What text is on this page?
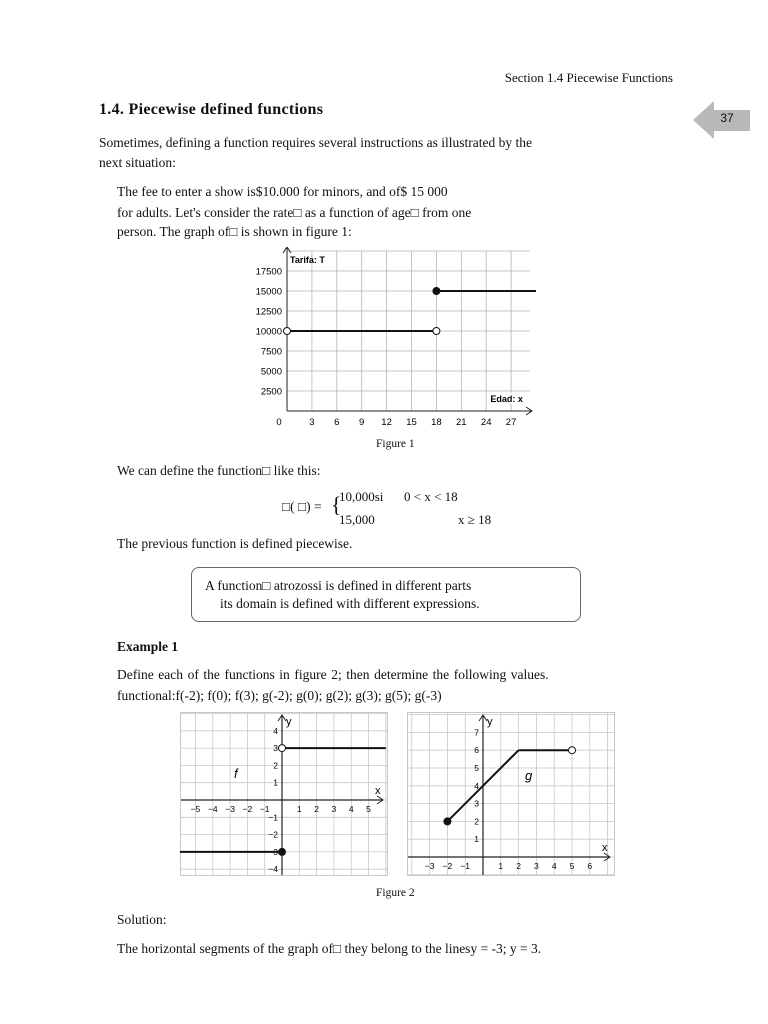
Section 1.4 Piecewise Functions
37
1.4. Piecewise defined functions
Sometimes, defining a function requires several instructions as illustrated by the
next situation:
The fee to enter a show is$10.000 for minors, and of$ 15 000
for adults. Let's consider the rate□ as a function of age□ from one
person. The graph of□ is shown in figure 1:
0	3 6 9 12 15 18 21 24 27
2500
5000
7500
10000
12500
15000
17500
Tarifa: T
Edad: x
Figure 1
We can define the function□ like this:
□( □) = {
10,000si 0 < x < 18
15,000	x ≥ 18
The previous function is defined piecewise.
A function□ atrozossi is defined in different parts
its domain is defined with different expressions.
Example 1
Define each of the functions in figure 2; then determine the following values.
functional:f(-2); f(0); f(3); g(-2); g(0); g(2); g(3); g(5); g(-3)
x
y
−5 −4 −3 −2 −1	1 2 3 4 5
4
3
2
1
−1
−2
−3
−4
f
x
y
−3 −2 −1	1 2 3 4 5 6
7
6
5
4
3
2
1
g
Figure 2
Solution:
The horizontal segments of the graph of□ they belong to the linesy = -3; y = 3.
